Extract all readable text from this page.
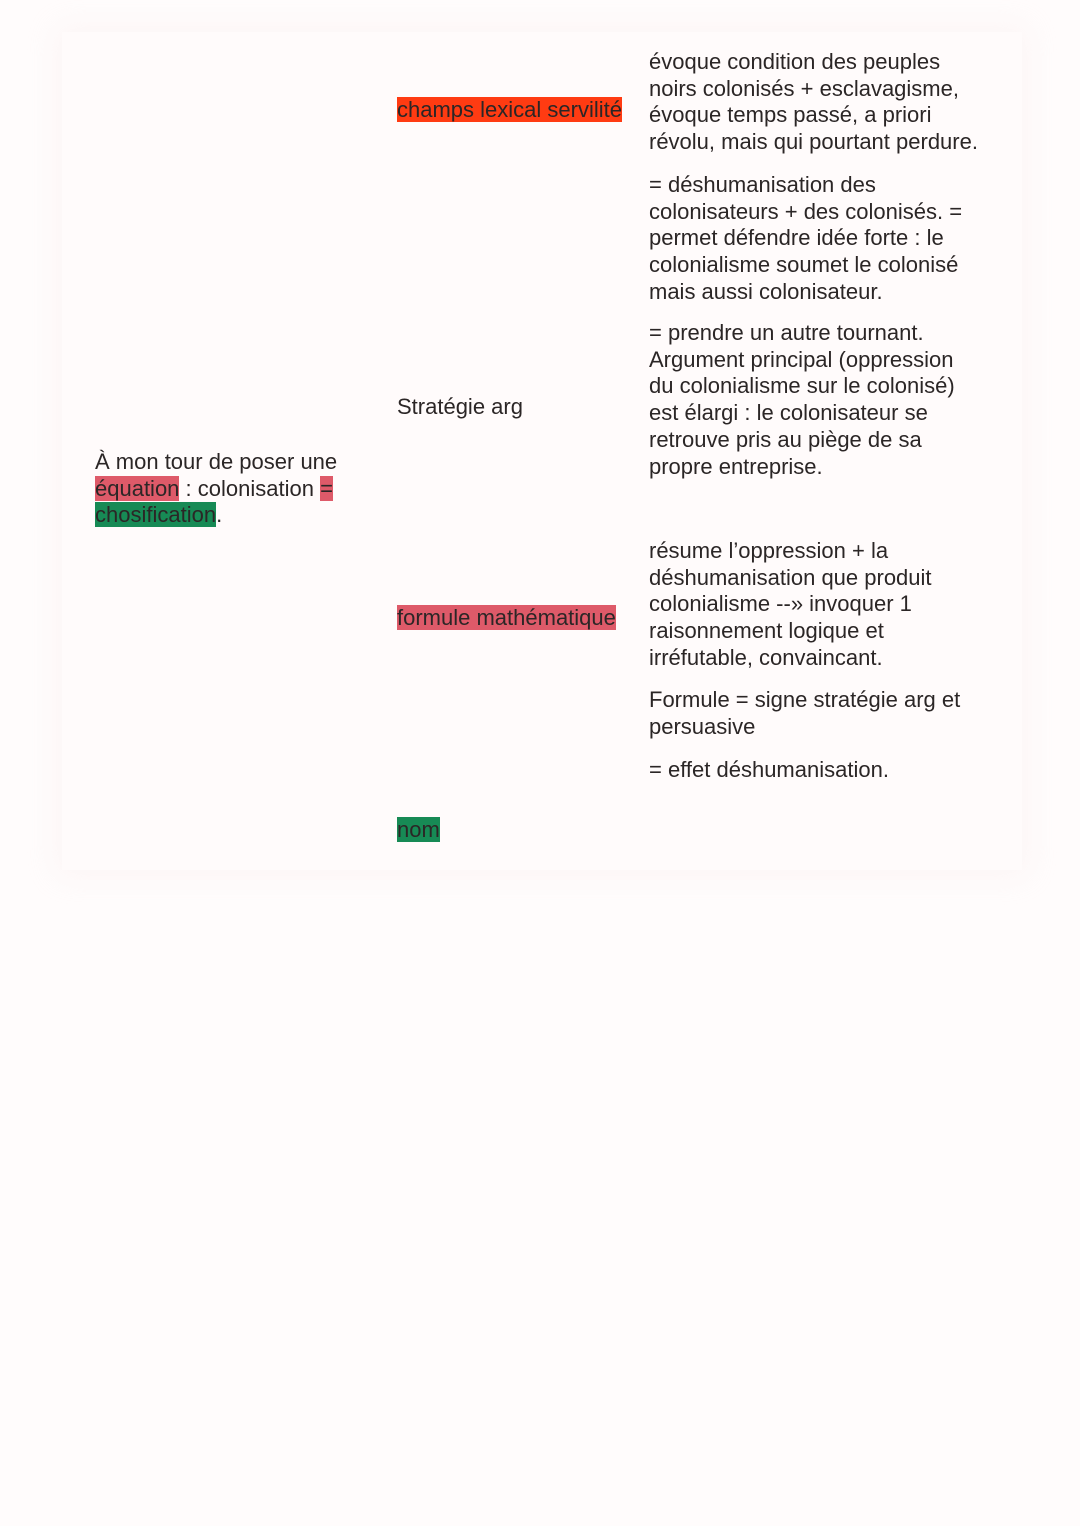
À mon tour de poser une
équation : colonisation =
chosification.

champs lexical servilité

Stratégie arg

formule mathématique

nom

évoque condition des peuples
noirs colonisés + esclavagisme,
évoque temps passé, a priori
révolu, mais qui pourtant perdure.

= déshumanisation des
colonisateurs + des colonisés. =
permet défendre idée forte : le
colonialisme soumet le colonisé
mais aussi colonisateur.

= prendre un autre tournant.
Argument principal (oppression
du colonialisme sur le colonisé)
est élargi : le colonisateur se
retrouve pris au piège de sa
propre entreprise.

résume l’oppression + la
déshumanisation que produit
colonialisme --» invoquer 1
raisonnement logique et
irréfutable, convaincant.

Formule = signe stratégie arg et
persuasive

= effet déshumanisation.
